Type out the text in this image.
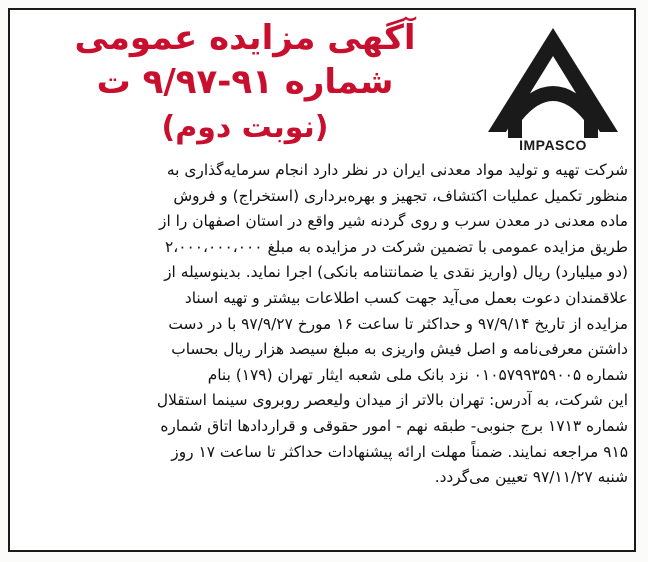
IMPASCO
آگهی مزایده عمومی
شماره ۹۱-۹/۹۷ ت
(نوبت دوم)
شرکت تهیه و تولید مواد معدنی ایران در نظر دارد انجام سرمایه‌گذاری به
منظور تکمیل عملیات اکتشاف، تجهیز و بهره‌برداری (استخراج) و فروش
ماده معدنی در معدن سرب و روی گردنه شیر واقع در استان اصفهان را از
طریق مزایده عمومی با تضمین شرکت در مزایده به مبلغ ۲،۰۰۰،۰۰۰،۰۰۰
(دو میلیارد) ریال (واریز نقدی یا ضمانتنامه بانکی) اجرا نماید. بدینوسیله از
علاقمندان دعوت بعمل می‌آید جهت کسب اطلاعات بیشتر و تهیه اسناد
مزایده از تاریخ ۹۷/۹/۱۴ و حداکثر تا ساعت ۱۶ مورخ ۹۷/۹/۲۷ با در دست
داشتن معرفی‌نامه و اصل فیش واریزی به مبلغ سیصد هزار ریال بحساب
شماره ۰۱۰۵۷۹۹۳۵۹۰۰۵ نزد بانک ملی شعبه ایثار تهران (۱۷۹) بنام
این شرکت، به آدرس: تهران بالاتر از میدان ولیعصر روبروی سینما استقلال
شماره ۱۷۱۳ برج جنوبی- طبقه نهم - امور حقوقی و قراردادها اتاق شماره
۹۱۵ مراجعه نمایند. ضمناً مهلت ارائه پیشنهادات حداکثر تا ساعت ۱۷ روز
شنبه ۹۷/۱۱/۲۷ تعیین می‌گردد.
